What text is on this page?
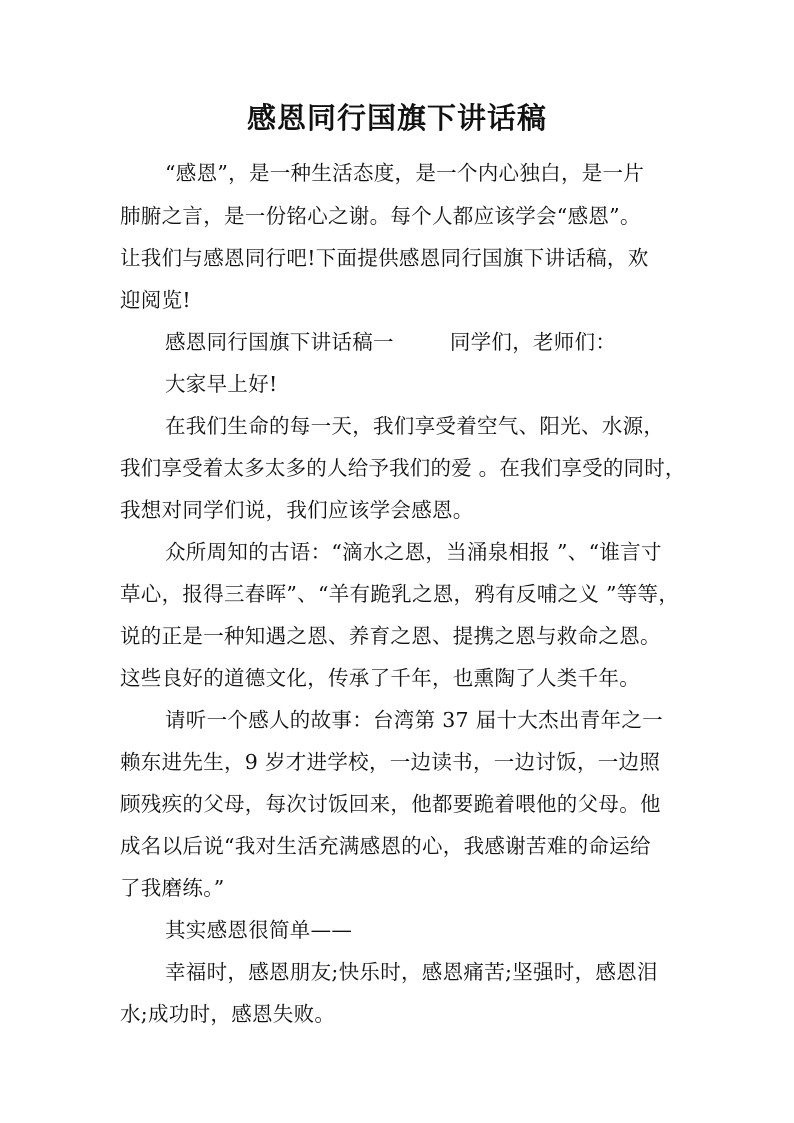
感恩同行国旗下讲话稿

“感恩”，是一种生活态度，是一个内心独白，是一片

肺腑之言，是一份铭心之谢。每个人都应该学会“感恩”。

让我们与感恩同行吧!下面提供感恩同行国旗下讲话稿，欢

迎阅览!

感恩同行国旗下讲话稿一	同学们，老师们：

大家早上好!

在我们生命的每一天，我们享受着空气、阳光、水源，

我们享受着太多太多的人给予我们的爱 。在我们享受的同时，

我想对同学们说，我们应该学会感恩。

众所周知的古语：“滴水之恩，当涌泉相报 ”、“谁言寸

草心，报得三春晖”、“羊有跪乳之恩，鸦有反哺之义 ”等等，

说的正是一种知遇之恩、养育之恩、提携之恩与救命之恩。

这些良好的道德文化，传承了千年，也熏陶了人类千年。

请听一个感人的故事：台湾第 37 届十大杰出青年之一

赖东进先生，9 岁才进学校，一边读书，一边讨饭，一边照

顾残疾的父母，每次讨饭回来，他都要跪着喂他的父母。他

成名以后说“我对生活充满感恩的心，我感谢苦难的命运给

了我磨练。”

其实感恩很简单——

幸福时，感恩朋友;快乐时，感恩痛苦;坚强时，感恩泪

水;成功时，感恩失败。
